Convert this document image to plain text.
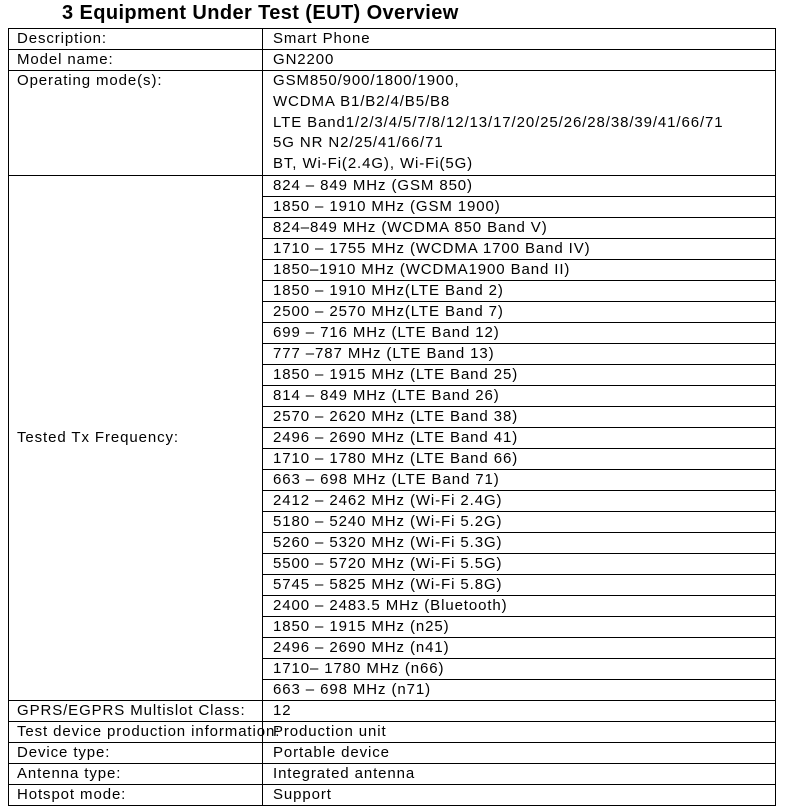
3 Equipment Under Test (EUT) Overview
Description:	Smart Phone
Model name:	GN2200
Operating mode(s):	GSM850/900/1800/1900,
WCDMA B1/B2/4/B5/B8
LTE Band1/2/3/4/5/7/8/12/13/17/20/25/26/28/38/39/41/66/71
5G NR N2/25/41/66/71
BT, Wi-Fi(2.4G), Wi-Fi(5G)

Tested Tx Frequency:	824 – 849 MHz (GSM 850)
	1850 – 1910 MHz (GSM 1900)
	824–849 MHz (WCDMA 850 Band V)
	1710 – 1755 MHz (WCDMA 1700 Band IV)
	1850–1910 MHz (WCDMA1900 Band II)
	1850 – 1910 MHz(LTE Band 2)
	2500 – 2570 MHz(LTE Band 7)
	699 – 716 MHz (LTE Band 12)
	777 –787 MHz (LTE Band 13)
	1850 – 1915 MHz (LTE Band 25)
	814 – 849 MHz (LTE Band 26)
	2570 – 2620 MHz (LTE Band 38)
	2496 – 2690 MHz (LTE Band 41)
	1710 – 1780 MHz (LTE Band 66)
	663 – 698 MHz (LTE Band 71)
	2412 – 2462 MHz (Wi-Fi 2.4G)
	5180 – 5240 MHz (Wi-Fi 5.2G)
	5260 – 5320 MHz (Wi-Fi 5.3G)
	5500 – 5720 MHz (Wi-Fi 5.5G)
	5745 – 5825 MHz (Wi-Fi 5.8G)
	2400 – 2483.5 MHz (Bluetooth)
	1850 – 1915 MHz (n25)
	2496 – 2690 MHz (n41)
	1710– 1780 MHz (n66)
	663 – 698 MHz (n71)
GPRS/EGPRS Multislot Class:	12
Test device production information:	Production unit
Device type:	Portable device
Antenna type:	Integrated antenna
Hotspot mode:	Support
